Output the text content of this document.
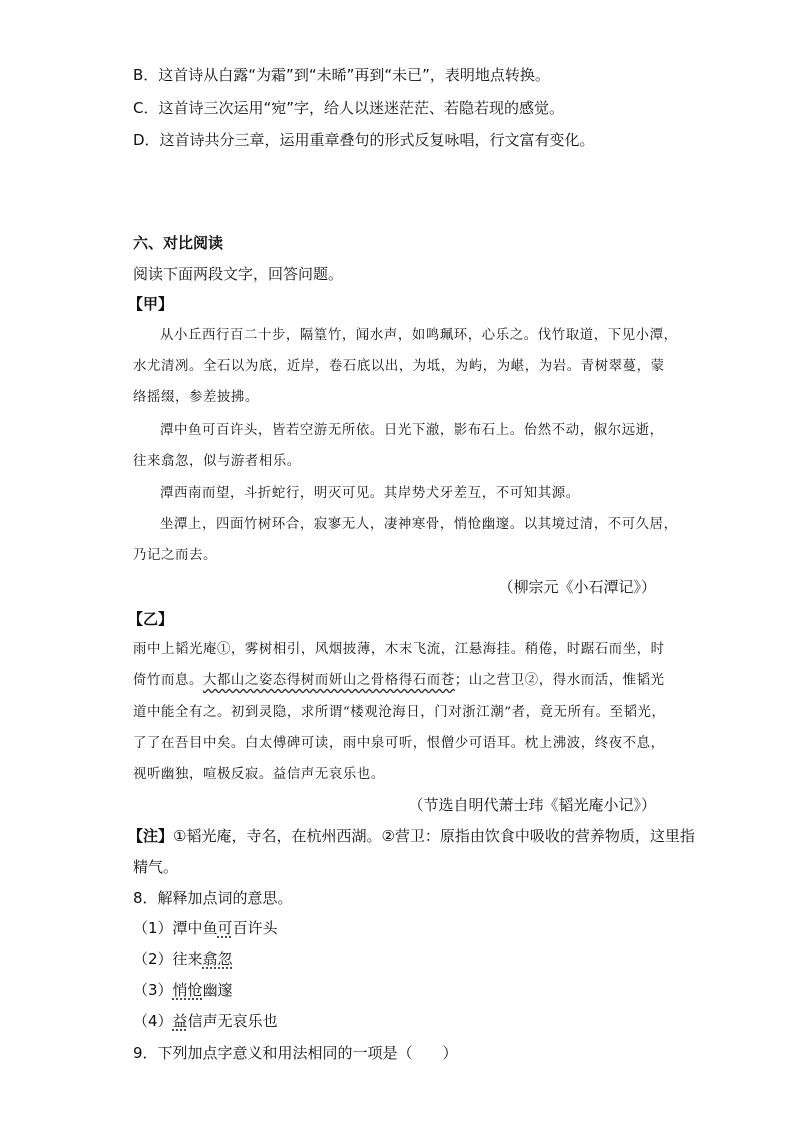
B．这首诗从白露“为霜”到“未晞”再到“未已”，表明地点转换。
C．这首诗三次运用“宛”字，给人以迷迷茫茫、若隐若现的感觉。
D．这首诗共分三章，运用重章叠句的形式反复咏唱，行文富有变化。
六、对比阅读
阅读下面两段文字，回答问题。
【甲】
从小丘西行百二十步，隔篁竹，闻水声，如鸣珮环，心乐之。伐竹取道，下见小潭，
水尤清冽。全石以为底，近岸，卷石底以出，为坻，为屿，为嵁，为岩。青树翠蔓，蒙
络摇缀，参差披拂。
潭中鱼可百许头，皆若空游无所依。日光下澈，影布石上。佁然不动，俶尔远逝，
往来翕忽，似与游者相乐。
潭西南而望，斗折蛇行，明灭可见。其岸势犬牙差互，不可知其源。
坐潭上，四面竹树环合，寂寥无人，凄神寒骨，悄怆幽邃。以其境过清，不可久居，
乃记之而去。
（柳宗元《小石潭记》）
【乙】
雨中上韬光庵①，雾树相引，风烟披薄，木末飞流，江悬海挂。稍倦，时踞石而坐，时
倚竹而息。大都山之姿态得树而妍山之骨格得石而苍；山之营卫②，得水而活，惟韬光
道中能全有之。初到灵隐，求所谓“楼观沧海日，门对浙江潮”者，竟无所有。至韬光，
了了在吾目中矣。白太傅碑可读，雨中泉可听，恨僧少可语耳。枕上沸波，终夜不息，
视听幽独，喧极反寂。益信声无哀乐也。
（节选自明代萧士玮《韬光庵小记》）
【注】①韬光庵，寺名，在杭州西湖。②营卫：原指由饮食中吸收的营养物质，这里指
精气。
8．解释加点词的意思。
（1）潭中鱼可百许头
（2）往来翕忽
（3）悄怆幽邃
（4）益信声无哀乐也
9．下列加点字意义和用法相同的一项是（ ）
